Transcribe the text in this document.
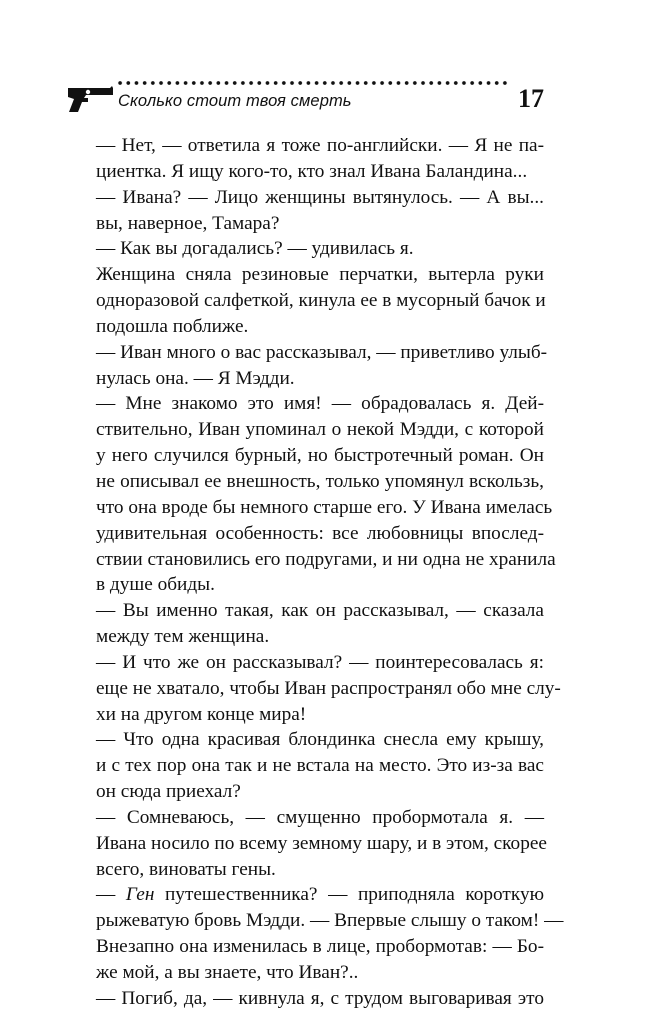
Сколько стоит твоя смерть	17
— Нет, — ответила я тоже по-английски. — Я не па-
циентка. Я ищу кого-то, кто знал Ивана Баландина...
— Ивана? — Лицо женщины вытянулось. — А вы...
вы, наверное, Тамара?
— Как вы догадались? — удивилась я.
Женщина сняла резиновые перчатки, вытерла руки
одноразовой салфеткой, кинула ее в мусорный бачок и
подошла поближе.
— Иван много о вас рассказывал, — приветливо улыб-
нулась она. — Я Мэдди.
— Мне знакомо это имя! — обрадовалась я. Дей-
ствительно, Иван упоминал о некой Мэдди, с которой
у него случился бурный, но быстротечный роман. Он
не описывал ее внешность, только упомянул вскользь,
что она вроде бы немного старше его. У Ивана имелась
удивительная особенность: все любовницы впослед-
ствии становились его подругами, и ни одна не хранила
в душе обиды.
— Вы именно такая, как он рассказывал, — сказала
между тем женщина.
— И что же он рассказывал? — поинтересовалась я:
еще не хватало, чтобы Иван распространял обо мне слу-
хи на другом конце мира!
— Что одна красивая блондинка снесла ему крышу,
и с тех пор она так и не встала на место. Это из-за вас
он сюда приехал?
— Сомневаюсь, — смущенно пробормотала я. —
Ивана носило по всему земному шару, и в этом, скорее
всего, виноваты гены.
— Ген путешественника? — приподняла короткую
рыжеватую бровь Мэдди. — Впервые слышу о таком! —
Внезапно она изменилась в лице, пробормотав: — Бо-
же мой, а вы знаете, что Иван?..
— Погиб, да, — кивнула я, с трудом выговаривая это
